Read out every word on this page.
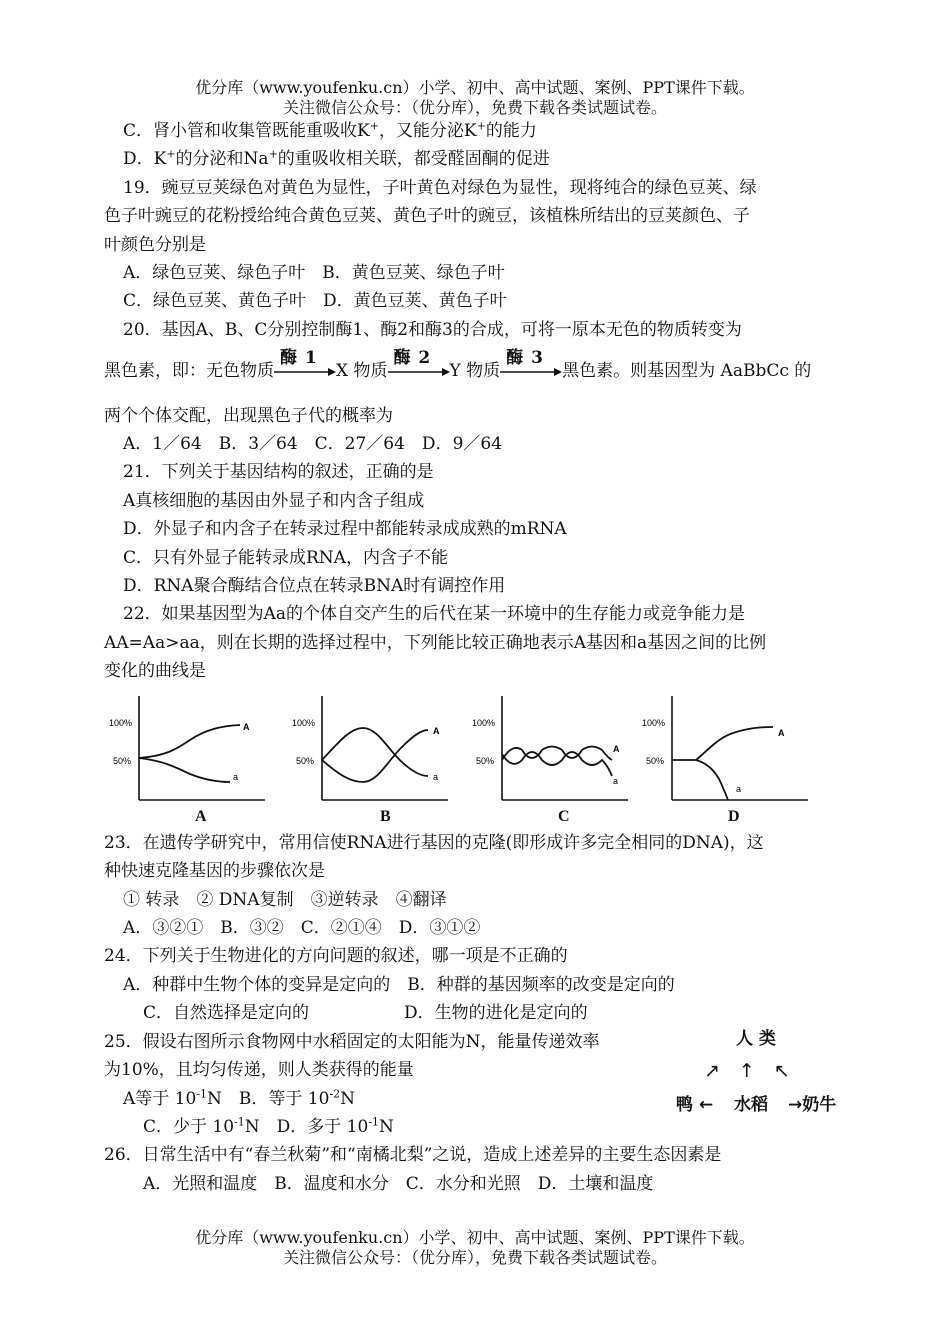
优分库（www.youfenku.cn）小学、初中、高中试题、案例、PPT课件下载。
关注微信公众号：（优分库），免费下载各类试题试卷。
C．肾小管和收集管既能重吸收K+，又能分泌K+的能力
D．K+的分泌和Na+的重吸收相关联，都受醛固酮的促进
19．豌豆豆荚绿色对黄色为显性，子叶黄色对绿色为显性，现将纯合的绿色豆荚、绿
色子叶豌豆的花粉授给纯合黄色豆荚、黄色子叶的豌豆，该植株所结出的豆荚颜色、子
叶颜色分别是
A．绿色豆荚、绿色子叶　B．黄色豆荚、绿色子叶
C．绿色豆荚、黄色子叶　D．黄色豆荚、黄色子叶
20．基因A、B、C分别控制酶1、酶2和酶3的合成，可将一原本无色的物质转变为
黑色素，即：无色物质
酶 1
X 物质
酶 2
Y 物质
酶 3
黑色素。则基因型为 AaBbCc 的
两个个体交配，出现黑色子代的概率为
A．1／64　B．3／64　C．27／64　D．9／64
21．下列关于基因结构的叙述，正确的是
A真核细胞的基因由外显子和内含子组成
D．外显子和内含子在转录过程中都能转录成成熟的mRNA
C．只有外显子能转录成RNA，内含子不能
D．RNA聚合酶结合位点在转录BNA时有调控作用
22．如果基因型为Aa的个体自交产生的后代在某一环境中的生存能力或竞争能力是
AA=Aa>aa，则在长期的选择过程中，下列能比较正确地表示A基因和a基因之间的比例
变化的曲线是
100%
50%
A
a
A
100%
50%
A
a
B
100%
50%
A
a
C
100%
50%
A
a
D
23．在遗传学研究中，常用信使RNA进行基因的克隆(即形成许多完全相同的DNA)，这
种快速克隆基因的步骤依次是
① 转录　② DNA复制　③逆转录　④翻译
A．③②①　B．③②　C．②①④　D．③①②
24．下列关于生物进化的方向问题的叙述，哪一项是不正确的
A．种群中生物个体的变异是定向的　B．种群的基因频率的改变是定向的
C．自然选择是定向的	D．生物的进化是定向的
25．假设右图所示食物网中水稻固定的太阳能为N，能量传递效率
为10%，且均匀传递，则人类获得的能量
A等于 $10^{-1}N$　 B．等于 $10^{-2}N$
C．少于 $10^{-1}N$　 D．多于 $10^{-1}N$
人 类
↗　↑　↖
鸭 ← 水稻 →奶牛
26．日常生活中有“春兰秋菊”和“南橘北梨”之说，造成上述差异的主要生态因素是
A．光照和温度　B．温度和水分　C．水分和光照　D．土壤和温度
优分库（www.youfenku.cn）小学、初中、高中试题、案例、PPT课件下载。
关注微信公众号：（优分库），免费下载各类试题试卷。
